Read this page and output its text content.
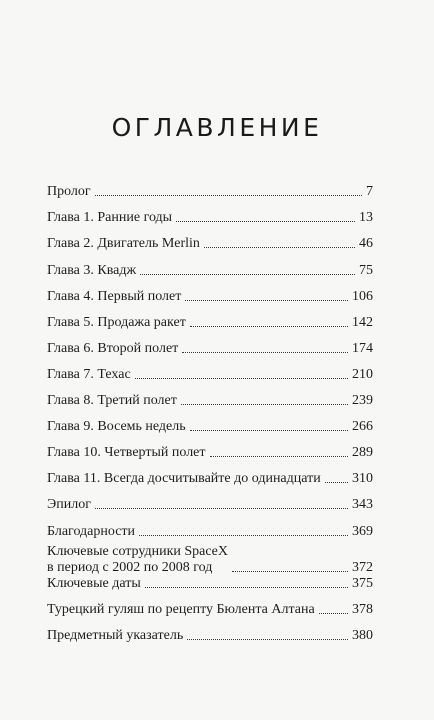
ОГЛАВЛЕНИЕ
Пролог	7
Глава 1. Ранние годы	13
Глава 2. Двигатель Merlin	46
Глава 3. Квадж	75
Глава 4. Первый полет	106
Глава 5. Продажа ракет	142
Глава 6. Второй полет	174
Глава 7. Техас	210
Глава 8. Третий полет	239
Глава 9. Восемь недель	266
Глава 10. Четвертый полет	289
Глава 11. Всегда досчитывайте до одинадцати 310
Эпилог	343
Благодарности	369
Ключевые сотрудники SpaceX
в период с 2002 по 2008 год	372
Ключевые даты	375
Турецкий гуляш по рецепту Бюлента Алтана	378
Предметный указатель	380
